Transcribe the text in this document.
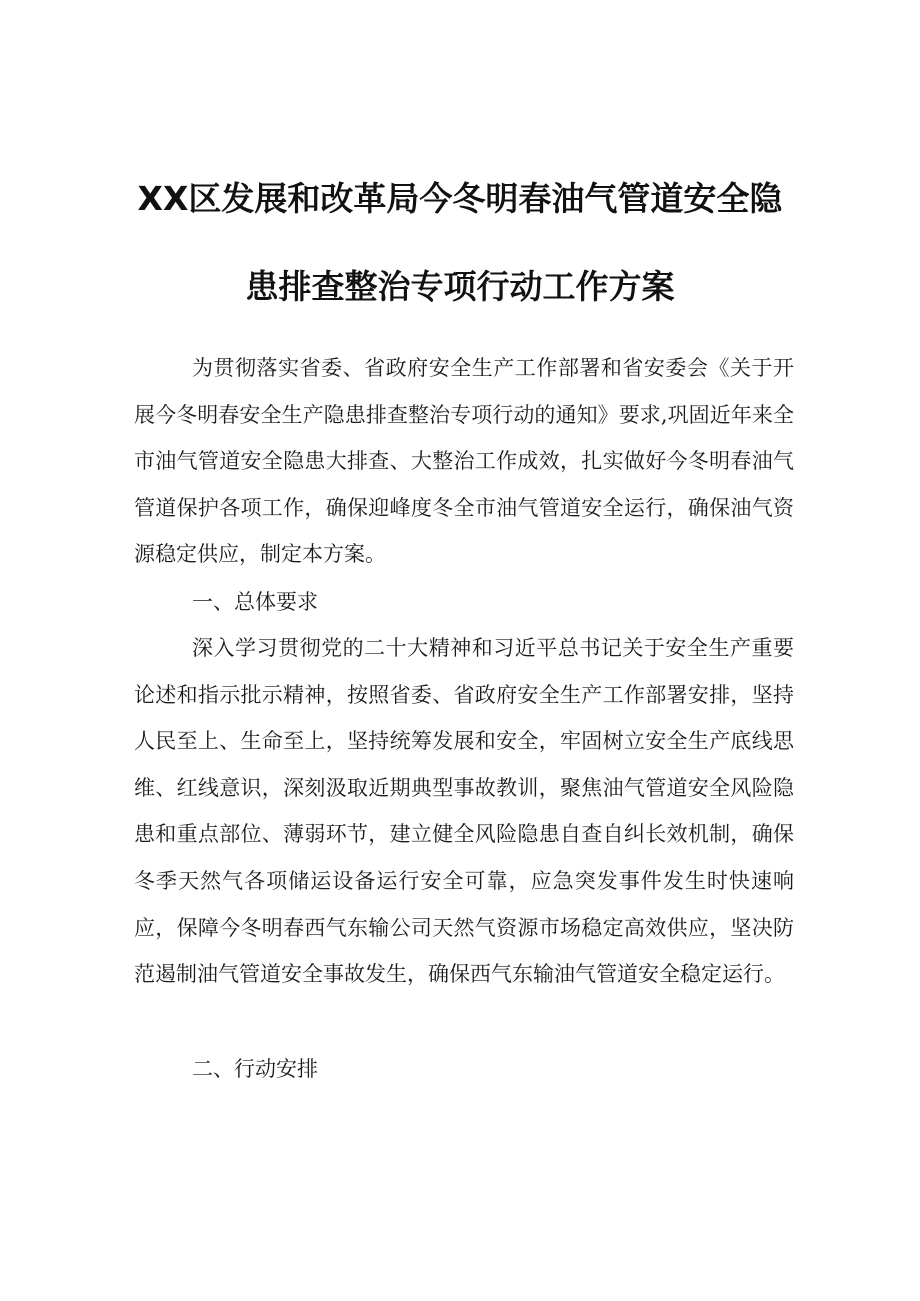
XX区发展和改革局今冬明春油气管道安全隐
患排查整治专项行动工作方案

为贯彻落实省委、省政府安全生产工作部署和省安委会《关于开展今冬明春安全生产隐患排查整治专项行动的通知》要求,巩固近年来全市油气管道安全隐患大排查、大整治工作成效，扎实做好今冬明春油气管道保护各项工作，确保迎峰度冬全市油气管道安全运行，确保油气资源稳定供应，制定本方案。

一、总体要求

深入学习贯彻党的二十大精神和习近平总书记关于安全生产重要论述和指示批示精神，按照省委、省政府安全生产工作部署安排，坚持人民至上、生命至上，坚持统筹发展和安全，牢固树立安全生产底线思维、红线意识，深刻汲取近期典型事故教训，聚焦油气管道安全风险隐患和重点部位、薄弱环节，建立健全风险隐患自查自纠长效机制，确保冬季天然气各项储运设备运行安全可靠，应急突发事件发生时快速响应，保障今冬明春西气东输公司天然气资源市场稳定高效供应，坚决防范遏制油气管道安全事故发生，确保西气东输油气管道安全稳定运行。

二、行动安排
